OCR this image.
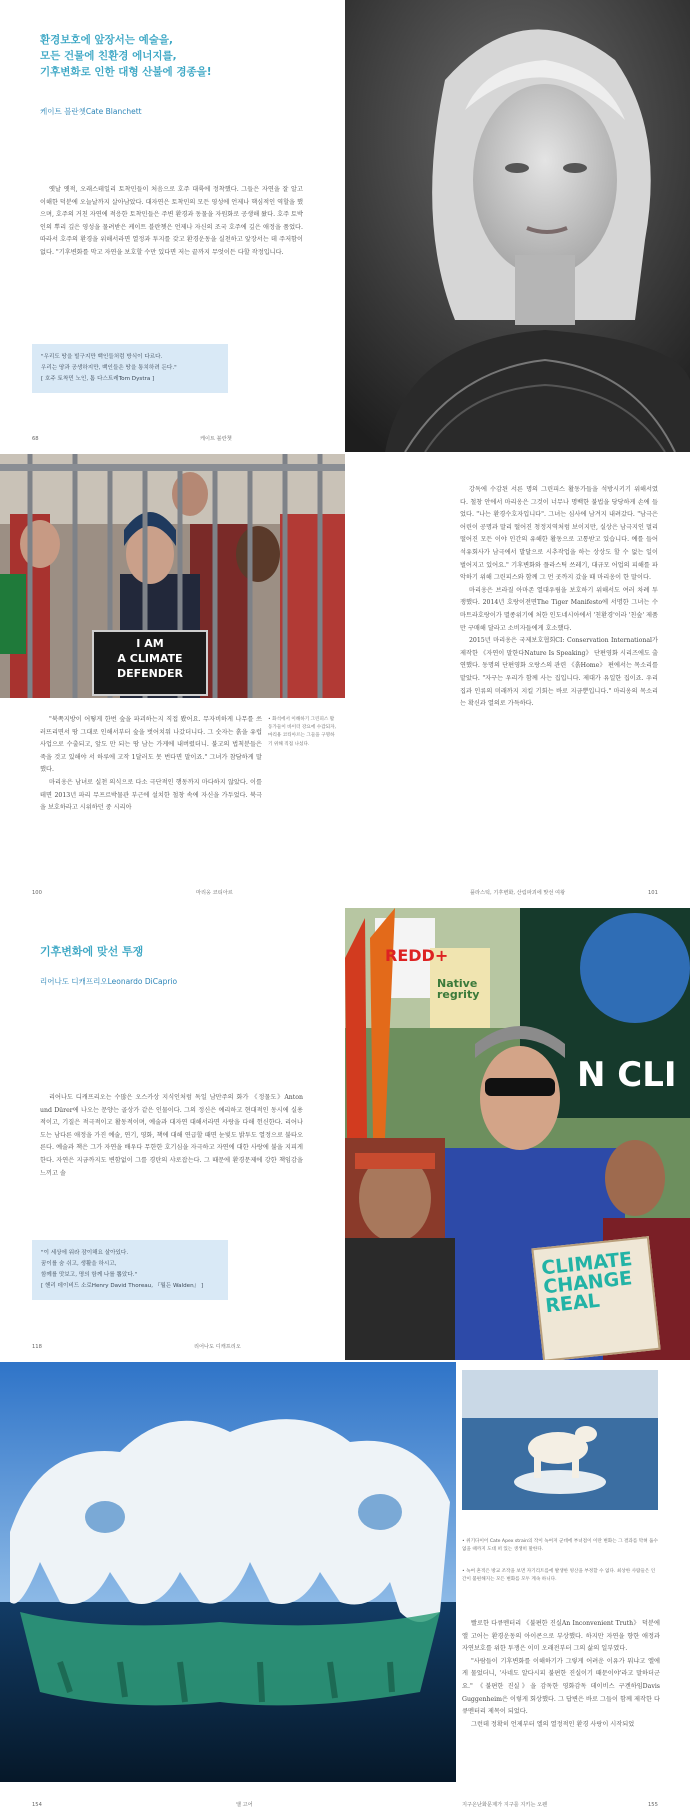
환경보호에 앞장서는 예술을,
모든 건물에 친환경 에너지를,
기후변화로 인한 대형 산불에 경종을!
케이트 블란쳇Cate Blanchett

옛날 옛적, 오래스테일리 토착민들이 처음으로 호주 대륙에 정착했다. 그들은 자연을 잘 알고 이해한 덕분에 오늘날까지 살아남았다. 대자연은 토착민의 모든 영성에 언제나 핵심적인 역할을 했으며, 호주의 거친 자연에 적응한 토착민들은 주변 환경과 동물을 자원화로 공생해 왔다. 호주 토박인의 뿌리 깊은 영성을 물려받은 케이트 블란쳇은 언제나 자신의 조국 호주에 깊은 애정을 품었다. 따라서 호주의 환경을 위해서라면 열정과 투지를 갖고 환경운동을 실천하고 앞장서는 데 주저함이 없다. "기후변화를 막고 자연을 보호할 수만 있다면 저는 끝까지 무엇이든 다할 작정입니다.

"우리도 땅을 빌구지만 백인들처럼 방식이 다르다.
우리는 땅과 공생하지만, 백인들은 땅을 통치하려 든다."
[ 호주 토착민 노인, 톰 다스트레Tom Dystra ]
68	케이트 블란쳇
I AM
A CLIMATE
DEFENDER
• 화석에서 이해하기 그린피스 활동가들이 바이더 강요에 수감되자, 마리용 코티아르는 그들을 구명하기 위해 직접 나섰다.

"북쪽지방이 어떻게 한번 숲을 파괴하는지 직접 봤어요. 무자비하게 나무를 쓰러뜨리면서 땅 그대로 인해서부터 숲을 벗어치워 나갔더니다. 그 숫자는 흙을 유럽 사업으로 수출되고, 앞도 만 되는 땅 남는 가게에 내버렸더니. 불고의 법칙분들은 죽을 것고 있해야 서 하루에 고작 1달러도 못 번다면 말이죠." 그녀가 참담하게 말했다.

마리옹은 남녀로 실천 의식으로 다소 극단적인 행동까지 마다하지 않았다. 이를 테면 2013년 파리 무프르박물관 부근에 설치한 철창 속에 자신을 가두었다. 북극을 보호하라고 시위하던 중 시리아

100	마리옹 코티아르

강독에 수감된 서른 명의 그린피스 활동가들을 석방시키기 위해서였다. 철창 안에서 마리옹은 그것이 너무나 명백한 불법을 당당하게 손에 들었다. "나는 환경수호자입니다". 그녀는 심사에 남겨지 내려갔다. "남극은 어린이 공명과 말리 떨어진 청정지역처럼 보이지만, 실상은 남극지인 멀리 떨어진 모든 이야 인간의 유해한 활동으로 고통받고 있습니다. 예를 들어 석유회사가 남극에서 발달으로 시추작업을 하는 상상도 할 수 없는 일이 벌어지고 있어요." 기후변화와 플라스틱 쓰레기, 대규모 어업의 피해를 파악하기 위해 그린피스와 함께 그 먼 곳까지 갔을 때 마리옹이 한 말이다.

마리옹은 브라질 아마존 열대우림을 보호하기 위해서도 여러 차례 투쟁했다. 2014년 호랑이전면The Tiger Manifesto에 서명한 그녀는 수마트라호랑이가 멸종위기에 처한 인도네시아에서 '친환경'이라 '친숲' 제품만 구매해 달라고 소비자들에게 호소했다.

2015년 마리옹은 국제보호협회CI: Conservation International가 제작한 《자연이 말한다Nature Is Speaking》 단편영화 시리즈에도 출연했다. 동명의 단편영화 오랑스의 관련 《흙Home》 편에서는 목소리를 맡았다. "자구는 우리가 함께 사는 집입니다. 제대가 유일한 집이죠. 우리 집과 인류의 미래까지 지킬 기회는 바로 지금뿐입니다." 마리옹의 목소리는 확신과 열의로 가득하다.

플라스틱, 기후변화, 산림파괴에 맞선 여왕	101
기후변화에 맞선 투쟁
리어나도 디캐프리오Leonardo DiCaprio

리어나도 디캐프리오는 수많은 오스카상 지식인처럼 독일 남만주의 화가 《정물도》Anton und Dürer에 나오는 문양는 골상가 같은 인물이다. 그의 정신은 예리하고 현대적인 동시에 실용적이고, 기질은 적극적이고 활동적이며, 예술과 대자연 대해서라면 사랑을 다해 헌신한다. 리어나도는 남다른 애정을 가진 예술, 연기, 영화, 책에 대해 연급할 때면 눈빛도 밝투도 열정으로 불타오른다. 예술과 책은 그가 자연을 배우다 무한한 호기심을 자극하고 자연에 대한 사랑에 불을 지피게 한다. 자연은 지금까지도 변함없이 그를 경탄의 샤로잡는다. 그 때문에 환경문제에 강한 책임감을 느끼고 솔

"이 세상에 워라 잠이해요 살아있다.
꿈이를 숨 쉬고, 생활을 하시고,
함께를 맛보고, 명의 함께 나를 뽑았다."
[ 헨리 데이비드 소로Henry David Thoreau, 『월든 Walden』 ]
118	리어나도 디캐프리오
REDD+
Native
regrity
N CLI
CLIMATE
CHANGE
REAL
• 위기다이어 Cate Apex strain의 작이 녹여져 군데에 부녀점이 이란 변화는 그 결과를 막혀 둡수 없을 때까지 도대 떠 있는 생생히 말한다.
• 녹여 흔적은 방교 조작을 보면 자기리트를에 발생한 빙산을 부정할 수 없다. 최상한 사람들은 인간이 불편해지는 모든 변화를 모두 계속 하니다.

빨로한 다큐멘터리 《불편한 진실An Inconvenient Truth》 덕분에 앨 고어는 환경운동의 아이콘으로 부상했다. 하지만 자연을 향한 애정과 자연보호를 위한 투쟁은 이미 오래전부터 그의 삶의 일부였다.

"사람들이 기후변화를 이해하기가 그렇게 어려운 이유가 뭐냐고 엘에게 물었더니, '사네도 알다시피 불편한 진실이기 때문이야'라고 말하더군요." 《불편한 진실》을 감독한 영화감독 데이비스 구겐하임Davis Guggenheim은 이렇게 회상했다. 그 답변은 바로 그들이 함께 제작한 다큐멘터리 제목이 되었다.

그런데 정확히 언제부터 엘의 열정적인 환경 사랑이 시작되었

154	앨 고어	지구온난화문제가 지구를 지키는 오웬	155
